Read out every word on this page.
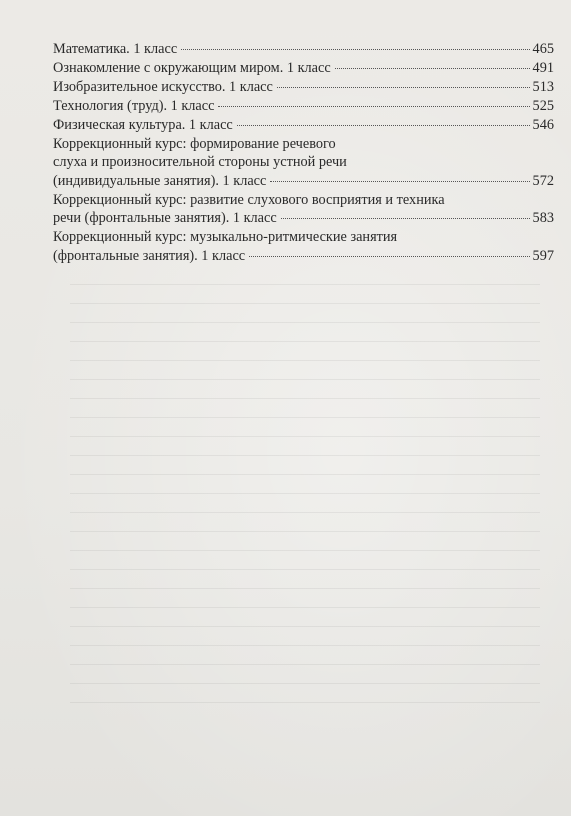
Математика. 1 класс	465
Ознакомление с окружающим миром. 1 класс	491
Изобразительное искусство. 1 класс	513
Технология (труд). 1 класс	525
Физическая культура. 1 класс	546
Коррекционный курс: формирование речевого
слуха и произносительной стороны устной речи
(индивидуальные занятия). 1 класс	572
Коррекционный курс: развитие слухового восприятия и техника
речи (фронтальные занятия). 1 класс	583
Коррекционный курс: музыкально-ритмические занятия
(фронтальные занятия). 1 класс	597
